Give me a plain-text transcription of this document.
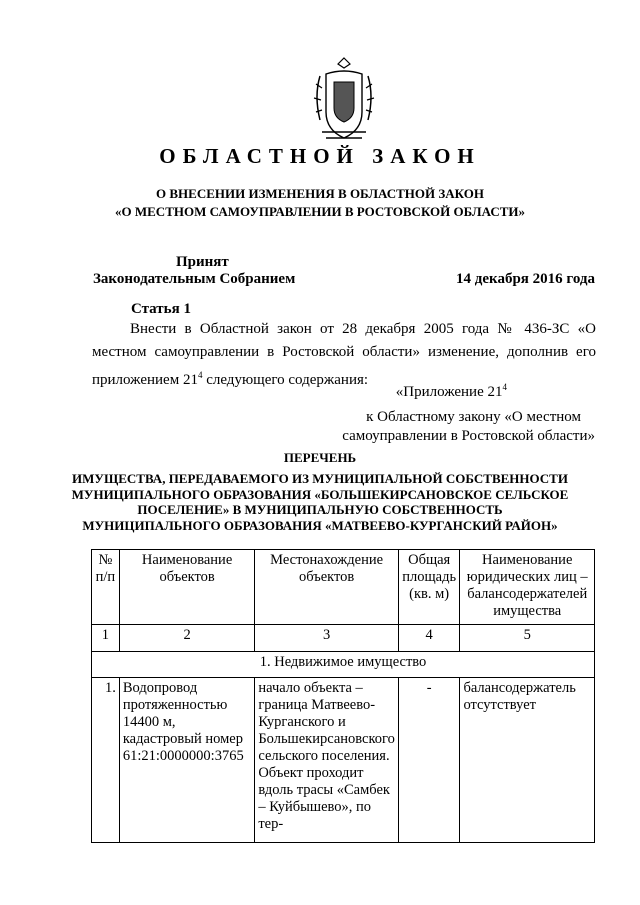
ОБЛАСТНОЙ ЗАКОН
О ВНЕСЕНИИ ИЗМЕНЕНИЯ В ОБЛАСТНОЙ ЗАКОН
«О МЕСТНОМ САМОУПРАВЛЕНИИ В РОСТОВСКОЙ ОБЛАСТИ»
Принят
Законодательным Собранием	14 декабря 2016 года
Статья 1
Внести в Областной закон от 28 декабря 2005 года № 436-ЗС «О местном самоуправлении в Ростовской области» изменение, дополнив его приложением $21^4$ следующего содержания:
«Приложение $21^4$
к Областному закону «О местном
самоуправлении в Ростовской области»
ПЕРЕЧЕНЬ
ИМУЩЕСТВА, ПЕРЕДАВАЕМОГО ИЗ МУНИЦИПАЛЬНОЙ СОБСТВЕННОСТИ
МУНИЦИПАЛЬНОГО ОБРАЗОВАНИЯ «БОЛЬШЕКИРСАНОВСКОЕ СЕЛЬСКОЕ
ПОСЕЛЕНИЕ» В МУНИЦИПАЛЬНУЮ СОБСТВЕННОСТЬ
МУНИЦИПАЛЬНОГО ОБРАЗОВАНИЯ «МАТВЕЕВО-КУРГАНСКИЙ РАЙОН»
№ п/п	Наименование объектов	Местонахождение объектов	Общая площадь (кв. м)	Наименование юридических лиц – балансодержателей имущества
1	2	3	4	5
1. Недвижимое имущество				
1.	Водопровод протяженностью 14400 м, кадастровый номер 61:21:0000000:3765	начало объекта – граница Матвеево-Курганского и Большекирсановского сельского поселения. Объект проходит вдоль трасы «Самбек – Куйбышево», по тер-	-	балансодержатель отсутствует
